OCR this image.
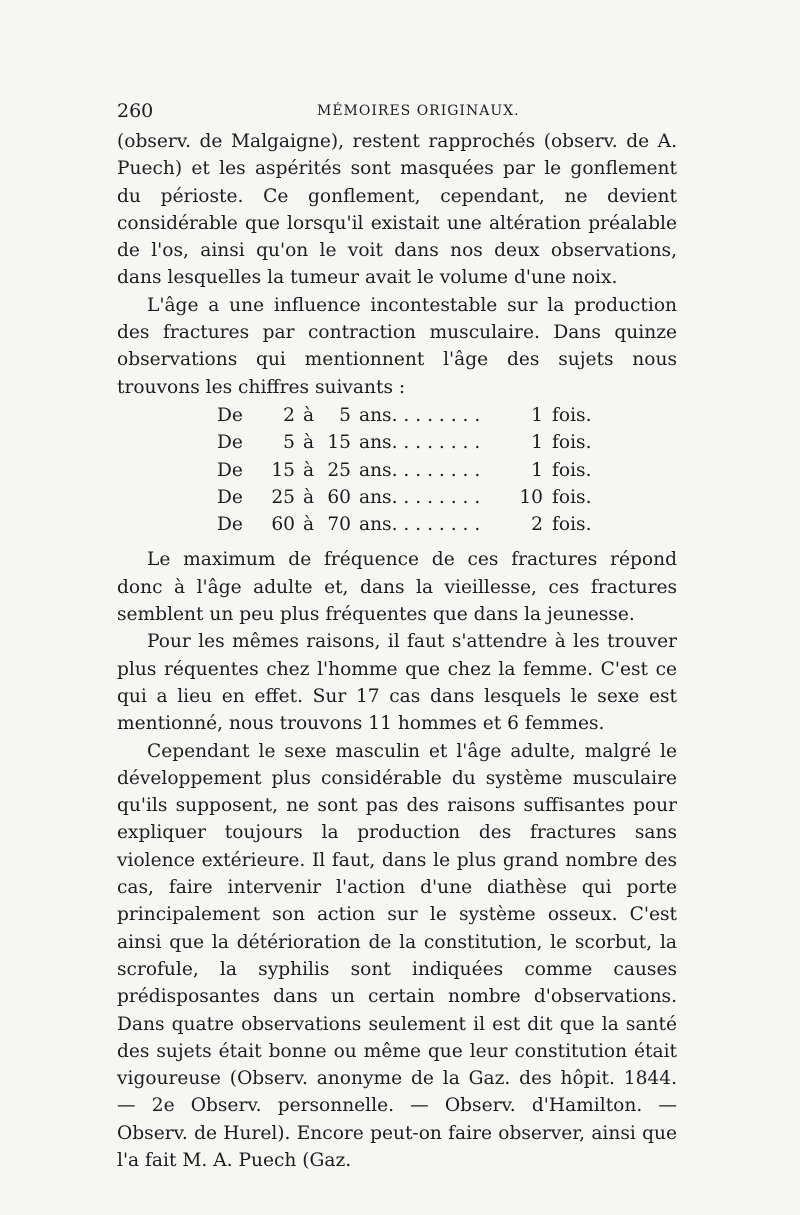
260	MÉMOIRES ORIGINAUX.

(observ. de Malgaigne), restent rapprochés (observ. de A. Puech) et les aspérités sont masquées par le gonflement du périoste. Ce gonflement, cependant, ne devient considérable que lorsqu'il existait une altération préalable de l'os, ainsi qu'on le voit dans nos deux observations, dans lesquelles la tumeur avait le volume d'une noix.

L'âge a une influence incontestable sur la production des fractures par contraction musculaire. Dans quinze observations qui mentionnent l'âge des sujets nous trouvons les chiffres suivants :

De	2 à	5 ans. . . . . . . .	1 fois.
De	5 à 15 ans. . . . . . . .	1 fois.
De 15 à 25 ans. . . . . . . .	1 fois.
De 25 à 60 ans. . . . . . . .	10 fois.
De 60 à 70 ans. . . . . . . .	2 fois.

Le maximum de fréquence de ces fractures répond donc à l'âge adulte et, dans la vieillesse, ces fractures semblent un peu plus fréquentes que dans la jeunesse.

Pour les mêmes raisons, il faut s'attendre à les trouver plus réquentes chez l'homme que chez la femme. C'est ce qui a lieu en effet. Sur 17 cas dans lesquels le sexe est mentionné, nous trouvons 11 hommes et 6 femmes.

Cependant le sexe masculin et l'âge adulte, malgré le développement plus considérable du système musculaire qu'ils supposent, ne sont pas des raisons suffisantes pour expliquer toujours la production des fractures sans violence extérieure. Il faut, dans le plus grand nombre des cas, faire intervenir l'action d'une diathèse qui porte principalement son action sur le système osseux. C'est ainsi que la détérioration de la constitution, le scorbut, la scrofule, la syphilis sont indiquées comme causes prédisposantes dans un certain nombre d'observations. Dans quatre observations seulement il est dit que la santé des sujets était bonne ou même que leur constitution était vigoureuse (Observ. anonyme de la Gaz. des hôpit. 1844. — 2e Observ. personnelle. — Observ. d'Hamilton. — Observ. de Hurel). Encore peut-on faire observer, ainsi que l'a fait M. A. Puech (Gaz.
